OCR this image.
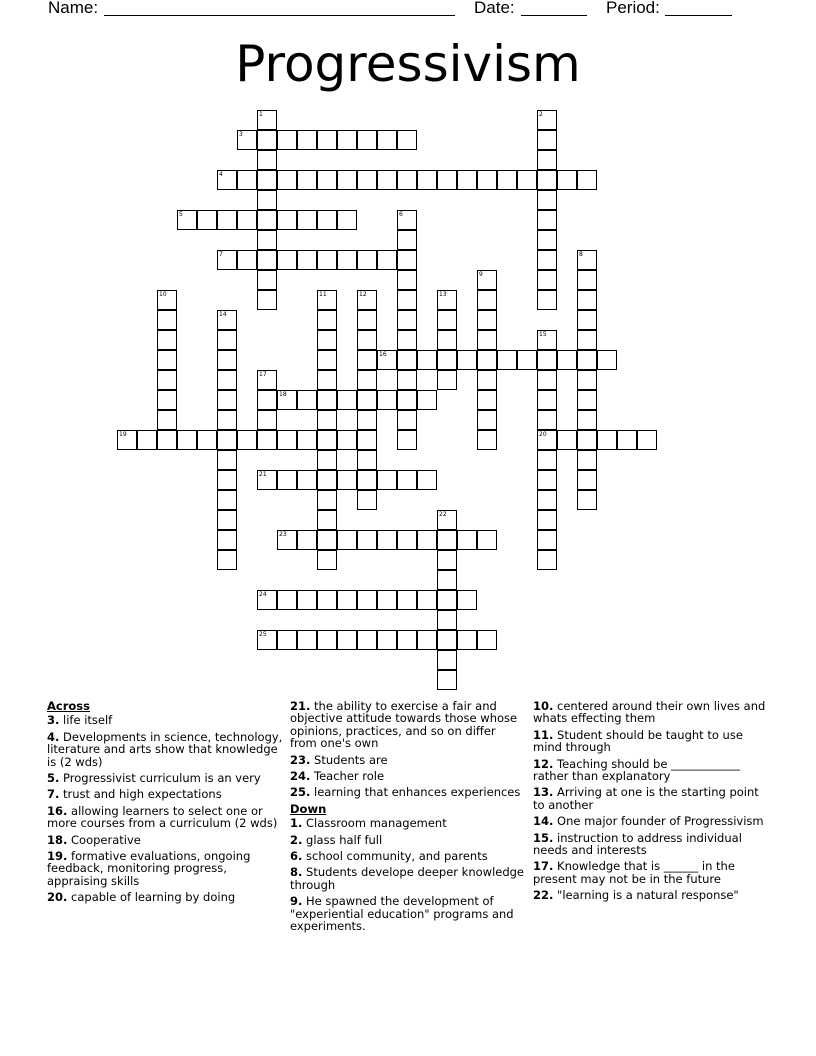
Name:	Date:	Period:
Progressivism
3
4
5
7
16
18
19	20
21
23
24
25
1	2
6
8
9
10	11	12	13
14
15
17
22
Across
3. life itself
4. Developments in science, technology, literature and arts show that knowledge is (2 wds)
5. Progressivist curriculum is an very
7. trust and high expectations
16. allowing learners to select one or more courses from a curriculum (2 wds)
18. Cooperative
19. formative evaluations, ongoing feedback, monitoring progress, appraising skills
20. capable of learning by doing
21. the ability to exercise a fair and objective attitude towards those whose opinions, practices, and so on differ from one's own
23. Students are
24. Teacher role
25. learning that enhances experiences
Down
1. Classroom management
2. glass half full
6. school community, and parents
8. Students develope deeper knowledge through
9. He spawned the development of "experiential education" programs and experiments.
10. centered around their own lives and whats effecting them
11. Student should be taught to use mind through
12. Teaching should be ____________ rather than explanatory
13. Arriving at one is the starting point to another
14. One major founder of Progressivism
15. instruction to address individual needs and interests
17. Knowledge that is ______ in the present may not be in the future
22. "learning is a natural response"
